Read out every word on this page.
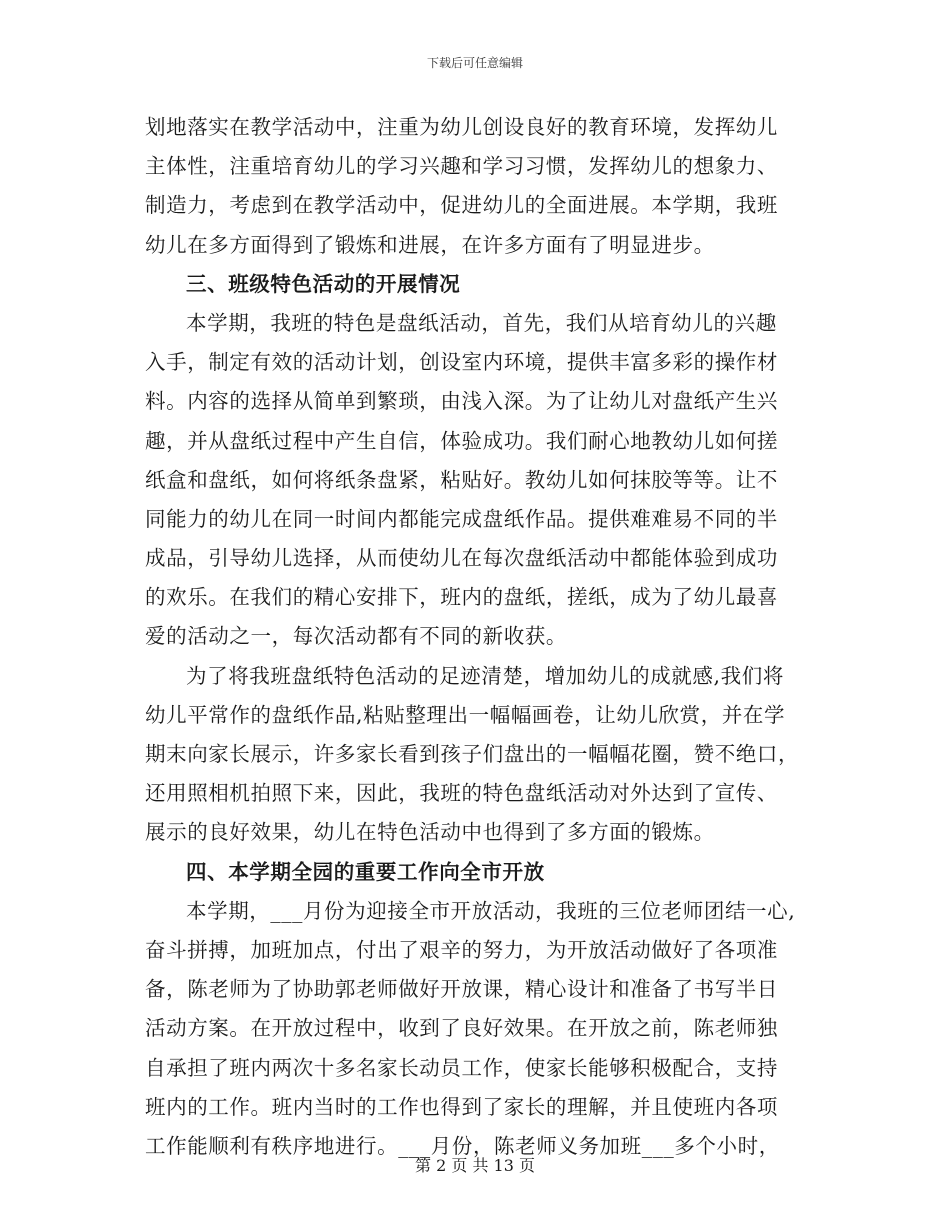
下载后可任意编辑
划地落实在教学活动中，注重为幼儿创设良好的教育环境，发挥幼儿
主体性，注重培育幼儿的学习兴趣和学习习惯，发挥幼儿的想象力、
制造力，考虑到在教学活动中，促进幼儿的全面进展。本学期，我班
幼儿在多方面得到了锻炼和进展，在许多方面有了明显进步。
三、班级特色活动的开展情况
本学期，我班的特色是盘纸活动，首先，我们从培育幼儿的兴趣
入手，制定有效的活动计划，创设室内环境，提供丰富多彩的操作材
料。内容的选择从简单到繁琐，由浅入深。为了让幼儿对盘纸产生兴
趣，并从盘纸过程中产生自信，体验成功。我们耐心地教幼儿如何搓
纸盒和盘纸，如何将纸条盘紧，粘贴好。教幼儿如何抹胶等等。让不
同能力的幼儿在同一时间内都能完成盘纸作品。提供难难易不同的半
成品，引导幼儿选择，从而使幼儿在每次盘纸活动中都能体验到成功
的欢乐。在我们的精心安排下，班内的盘纸，搓纸，成为了幼儿最喜
爱的活动之一，每次活动都有不同的新收获。
为了将我班盘纸特色活动的足迹清楚，增加幼儿的成就感,我们将
幼儿平常作的盘纸作品,粘贴整理出一幅幅画卷，让幼儿欣赏，并在学
期末向家长展示，许多家长看到孩子们盘出的一幅幅花圈，赞不绝口，
还用照相机拍照下来，因此，我班的特色盘纸活动对外达到了宣传、
展示的良好效果，幼儿在特色活动中也得到了多方面的锻炼。
四、本学期全园的重要工作向全市开放
本学期，___月份为迎接全市开放活动，我班的三位老师团结一心,
奋斗拼搏，加班加点，付出了艰辛的努力，为开放活动做好了各项准
备，陈老师为了协助郭老师做好开放课，精心设计和准备了书写半日
活动方案。在开放过程中，收到了良好效果。在开放之前，陈老师独
自承担了班内两次十多名家长动员工作，使家长能够积极配合，支持
班内的工作。班内当时的工作也得到了家长的理解，并且使班内各项
工作能顺利有秩序地进行。___月份，陈老师义务加班___多个小时，
第 2 页 共 13 页
